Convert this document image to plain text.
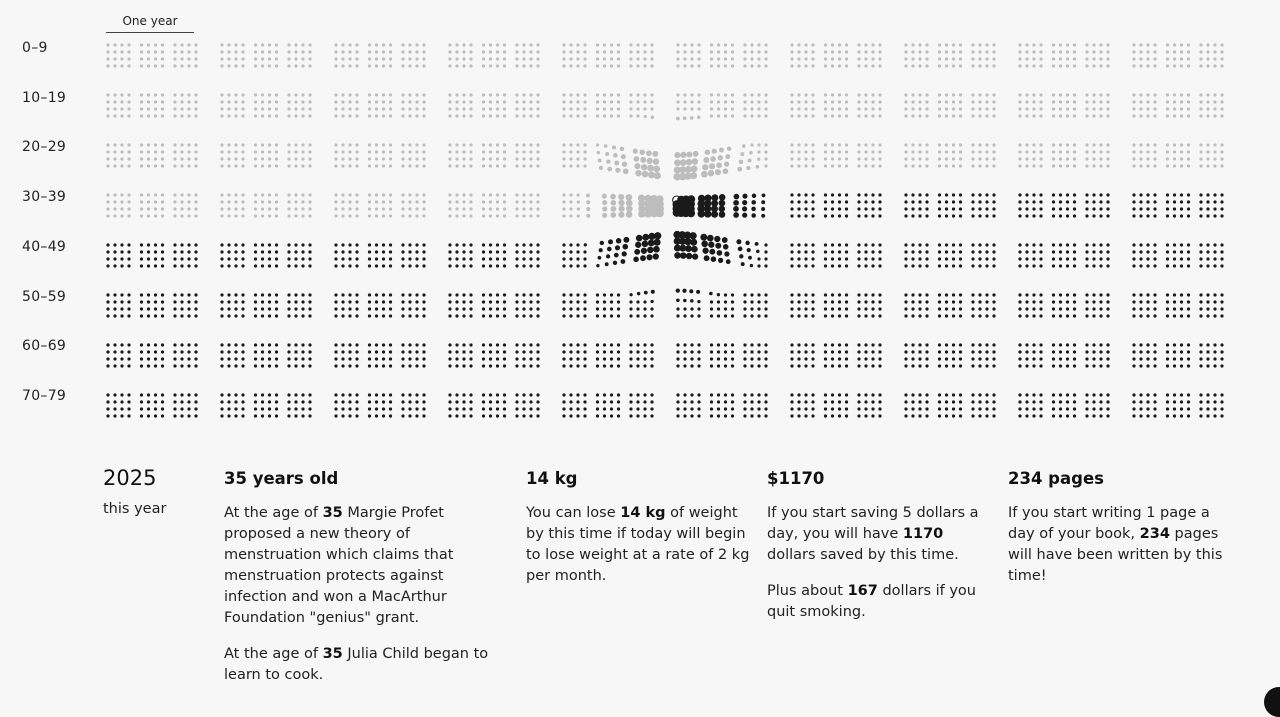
One year
0–9
10–19
20–29
30–39
40–49
50–59
60–69
70–79
2025

this year

35 years old

At the age of 35 Margie Profet proposed a new theory of menstruation which claims that menstruation protects against infection and won a MacArthur Foundation "genius" grant.

At the age of 35 Julia Child began to learn to cook.

14 kg

You can lose 14 kg of weight by this time if today will begin to lose weight at a rate of 2 kg per month.

$1170

If you start saving 5 dollars a day, you will have 1170 dollars saved by this time.

Plus about 167 dollars if you quit smoking.

234 pages

If you start writing 1 page a day of your book, 234 pages will have been written by this time!
